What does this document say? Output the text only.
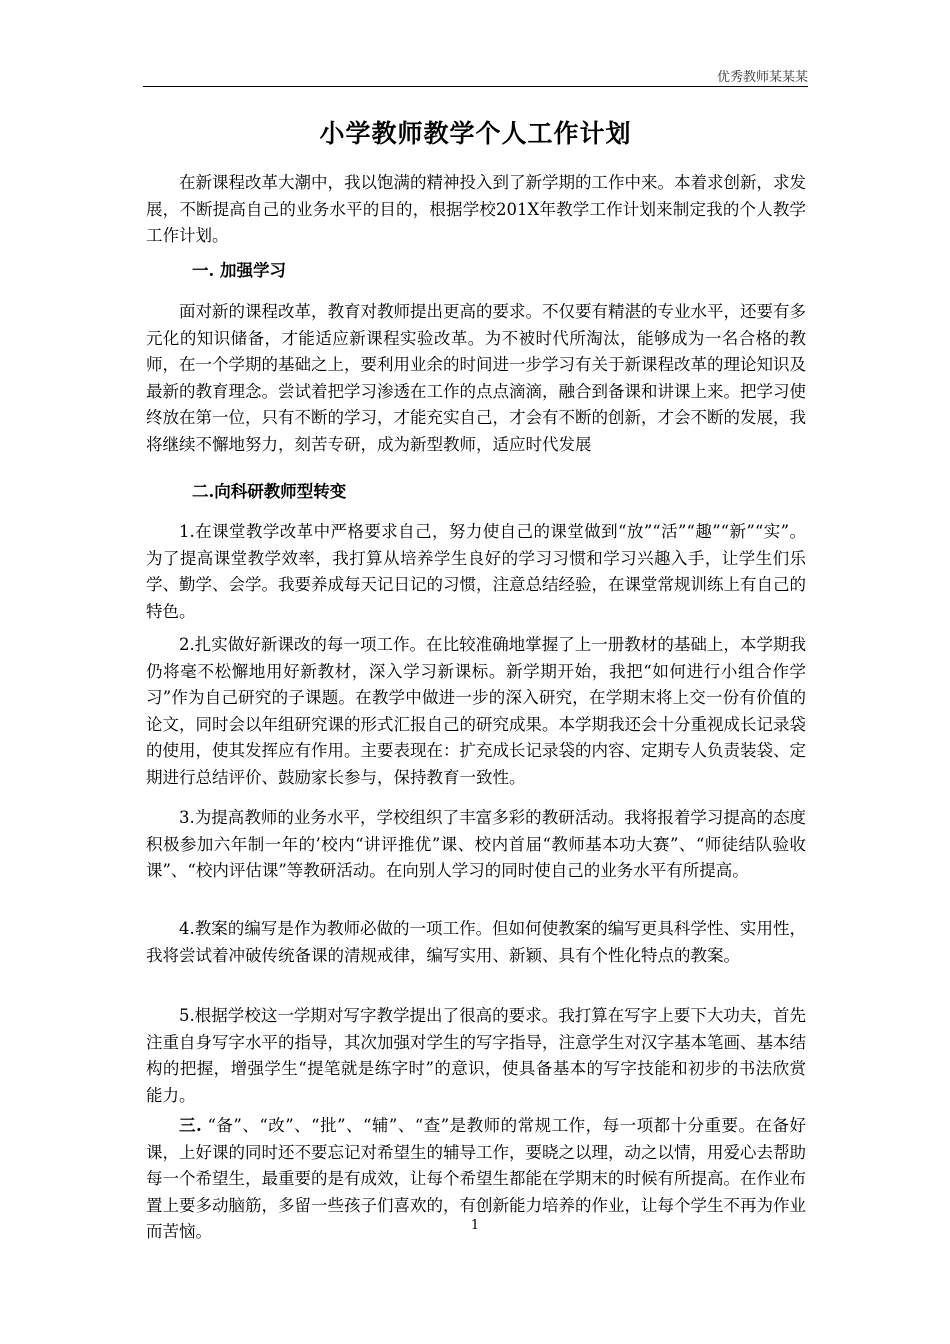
优秀教师某某某
小学教师教学个人工作计划

在新课程改革大潮中，我以饱满的精神投入到了新学期的工作中来。本着求创新，求发展，不断提高自己的业务水平的目的，根据学校201X年教学工作计划来制定我的个人教学工作计划。

一. 加强学习

面对新的课程改革，教育对教师提出更高的要求。不仅要有精湛的专业水平，还要有多元化的知识储备，才能适应新课程实验改革。为不被时代所淘汰，能够成为一名合格的教师，在一个学期的基础之上，要利用业余的时间进一步学习有关于新课程改革的理论知识及最新的教育理念。尝试着把学习渗透在工作的点点滴滴，融合到备课和讲课上来。把学习使终放在第一位，只有不断的学习，才能充实自己，才会有不断的创新，才会不断的发展，我将继续不懈地努力，刻苦专研，成为新型教师，适应时代发展

二.向科研教师型转变

1.在课堂教学改革中严格要求自己，努力使自己的课堂做到“放”“活”“趣”“新”“实”。为了提高课堂教学效率，我打算从培养学生良好的学习习惯和学习兴趣入手，让学生们乐学、勤学、会学。我要养成每天记日记的习惯，注意总结经验，在课堂常规训练上有自己的特色。

2.扎实做好新课改的每一项工作。在比较准确地掌握了上一册教材的基础上，本学期我仍将毫不松懈地用好新教材，深入学习新课标。新学期开始，我把“如何进行小组合作学习”作为自己研究的子课题。在教学中做进一步的深入研究，在学期末将上交一份有价值的论文，同时会以年组研究课的形式汇报自己的研究成果。本学期我还会十分重视成长记录袋的使用，使其发挥应有作用。主要表现在：扩充成长记录袋的内容、定期专人负责装袋、定期进行总结评价、鼓励家长参与，保持教育一致性。

3.为提高教师的业务水平，学校组织了丰富多彩的教研活动。我将报着学习提高的态度积极参加六年制一年的’校内“讲评推优”课、校内首届“教师基本功大赛”、“师徒结队验收课”、“校内评估课”等教研活动。在向别人学习的同时使自己的业务水平有所提高。

4.教案的编写是作为教师必做的一项工作。但如何使教案的编写更具科学性、实用性，我将尝试着冲破传统备课的清规戒律，编写实用、新颖、具有个性化特点的教案。

5.根据学校这一学期对写字教学提出了很高的要求。我打算在写字上要下大功夫，首先注重自身写字水平的指导，其次加强对学生的写字指导，注意学生对汉字基本笔画、基本结构的把握，增强学生“提笔就是练字时”的意识，使具备基本的写字技能和初步的书法欣赏能力。

三. “备”、“改”、“批”、“辅”、“查”是教师的常规工作，每一项都十分重要。在备好课，上好课的同时还不要忘记对希望生的辅导工作，要晓之以理，动之以情，用爱心去帮助每一个希望生，最重要的是有成效，让每个希望生都能在学期末的时候有所提高。在作业布置上要多动脑筋，多留一些孩子们喜欢的，有创新能力培养的作业，让每个学生不再为作业而苦恼。	1
